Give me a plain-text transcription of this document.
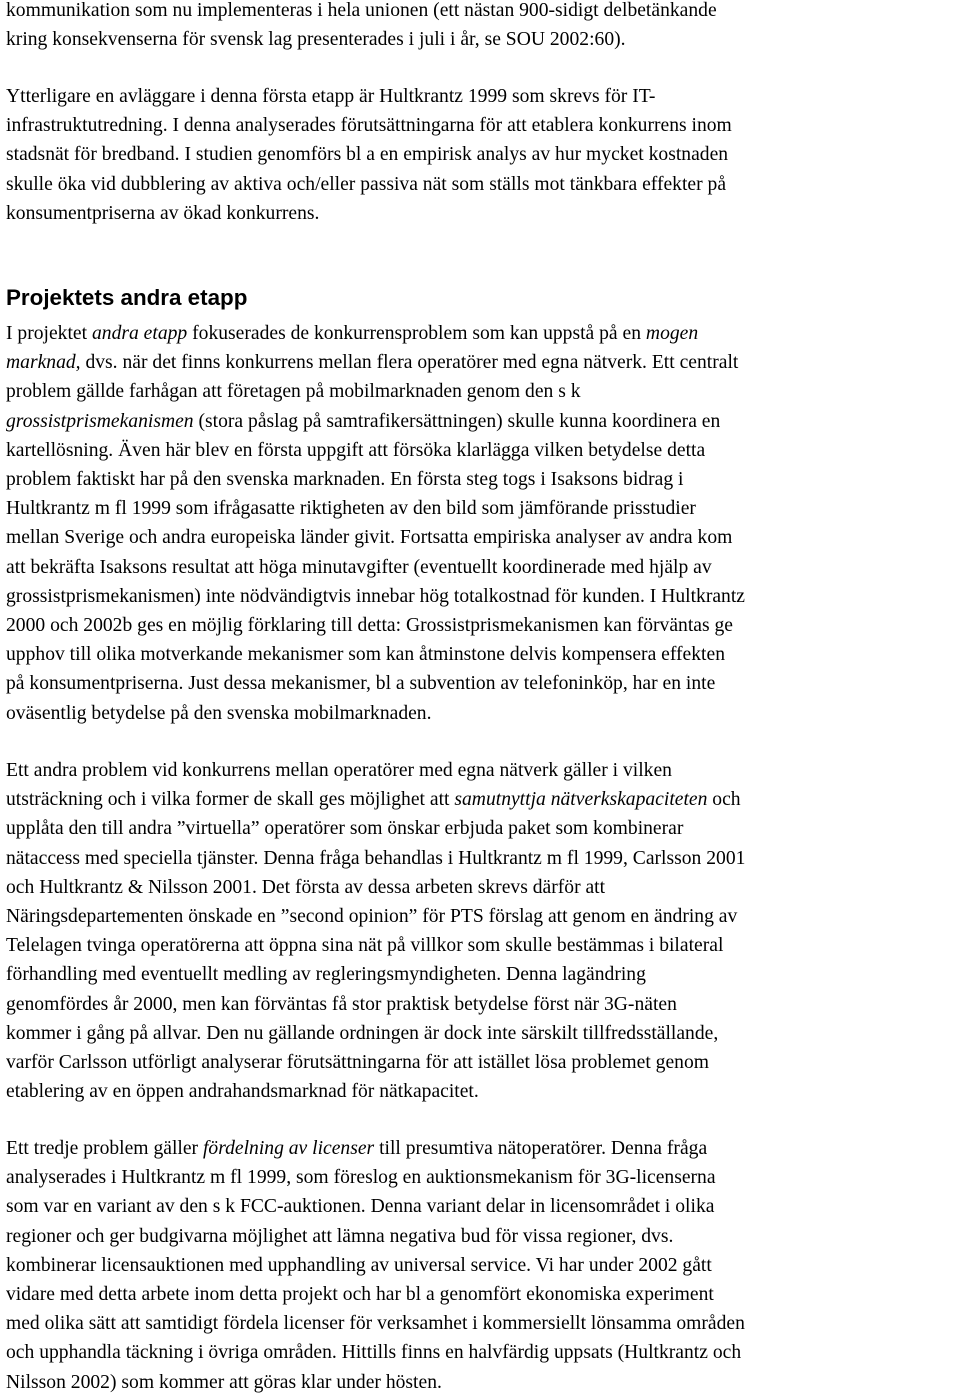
kommunikation som nu implementeras i hela unionen (ett nästan 900-sidigt delbetänkande
kring konsekvenserna för svensk lag presenterades i juli i år, se SOU 2002:60).

Ytterligare en avläggare i denna första etapp är Hultkrantz 1999 som skrevs för IT-
infrastruktutredning. I denna analyserades förutsättningarna för att etablera konkurrens inom
stadsnät för bredband. I studien genomförs bl a en empirisk analys av hur mycket kostnaden
skulle öka vid dubblering av aktiva och/eller passiva nät som ställs mot tänkbara effekter på
konsumentpriserna av ökad konkurrens.

Projektets andra etapp

I projektet andra etapp fokuserades de konkurrensproblem som kan uppstå på en mogen
marknad, dvs. när det finns konkurrens mellan flera operatörer med egna nätverk. Ett centralt
problem gällde farhågan att företagen på mobilmarknaden genom den s k
grossistprismekanismen (stora påslag på samtrafikersättningen) skulle kunna koordinera en
kartellösning. Även här blev en första uppgift att försöka klarlägga vilken betydelse detta
problem faktiskt har på den svenska marknaden. En första steg togs i Isaksons bidrag i
Hultkrantz m fl 1999 som ifrågasatte riktigheten av den bild som jämförande prisstudier
mellan Sverige och andra europeiska länder givit. Fortsatta empiriska analyser av andra kom
att bekräfta Isaksons resultat att höga minutavgifter (eventuellt koordinerade med hjälp av
grossistprismekanismen) inte nödvändigtvis innebar hög totalkostnad för kunden. I Hultkrantz
2000 och 2002b ges en möjlig förklaring till detta: Grossistprismekanismen kan förväntas ge
upphov till olika motverkande mekanismer som kan åtminstone delvis kompensera effekten
på konsumentpriserna. Just dessa mekanismer, bl a subvention av telefoninköp, har en inte
oväsentlig betydelse på den svenska mobilmarknaden.

Ett andra problem vid konkurrens mellan operatörer med egna nätverk gäller i vilken
utsträckning och i vilka former de skall ges möjlighet att samutnyttja nätverkskapaciteten och
upplåta den till andra ”virtuella” operatörer som önskar erbjuda paket som kombinerar
nätaccess med speciella tjänster. Denna fråga behandlas i Hultkrantz m fl 1999, Carlsson 2001
och Hultkrantz & Nilsson 2001. Det första av dessa arbeten skrevs därför att
Näringsdepartementen önskade en ”second opinion” för PTS förslag att genom en ändring av
Telelagen tvinga operatörerna att öppna sina nät på villkor som skulle bestämmas i bilateral
förhandling med eventuellt medling av regleringsmyndigheten. Denna lagändring
genomfördes år 2000, men kan förväntas få stor praktisk betydelse först när 3G-näten
kommer i gång på allvar. Den nu gällande ordningen är dock inte särskilt tillfredsställande,
varför Carlsson utförligt analyserar förutsättningarna för att istället lösa problemet genom
etablering av en öppen andrahandsmarknad för nätkapacitet.

Ett tredje problem gäller fördelning av licenser till presumtiva nätoperatörer. Denna fråga
analyserades i Hultkrantz m fl 1999, som föreslog en auktionsmekanism för 3G-licenserna
som var en variant av den s k FCC-auktionen. Denna variant delar in licensområdet i olika
regioner och ger budgivarna möjlighet att lämna negativa bud för vissa regioner, dvs.
kombinerar licensauktionen med upphandling av universal service. Vi har under 2002 gått
vidare med detta arbete inom detta projekt och har bl a genomfört ekonomiska experiment
med olika sätt att samtidigt fördela licenser för verksamhet i kommersiellt lönsamma områden
och upphandla täckning i övriga områden. Hittills finns en halvfärdig uppsats (Hultkrantz och
Nilsson 2002) som kommer att göras klar under hösten.
